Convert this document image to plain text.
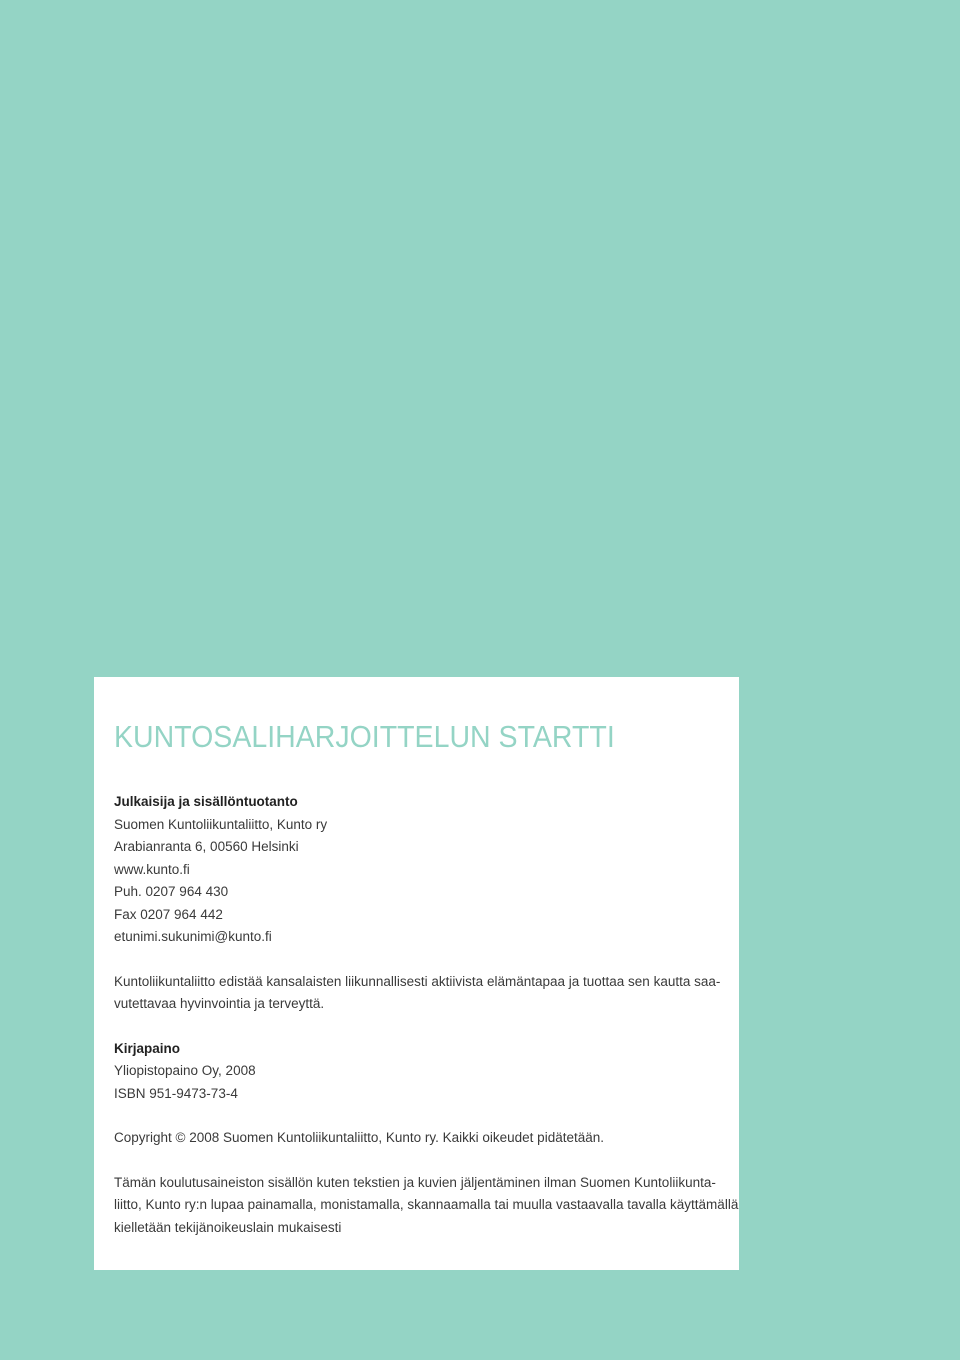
KUNTOSALIHARJOITTELUN STARTTI
Julkaisija ja sisällöntuotanto
Suomen Kuntoliikuntaliitto, Kunto ry
Arabianranta 6, 00560 Helsinki
www.kunto.fi
Puh. 0207 964 430
Fax 0207 964 442
etunimi.sukunimi@kunto.fi
Kuntoliikuntaliitto edistää kansalaisten liikunnallisesti aktiivista elämäntapaa ja tuottaa sen kautta saa-
vutettavaa hyvinvointia ja terveyttä.
Kirjapaino
Yliopistopaino Oy, 2008
ISBN 951-9473-73-4
Copyright © 2008 Suomen Kuntoliikuntaliitto, Kunto ry. Kaikki oikeudet pidätetään.
Tämän koulutusaineiston sisällön kuten tekstien ja kuvien jäljentäminen ilman Suomen Kuntoliikunta-
liitto, Kunto ry:n lupaa painamalla, monistamalla, skannaamalla tai muulla vastaavalla tavalla käyttämällä
kielletään tekijänoikeuslain mukaisesti
